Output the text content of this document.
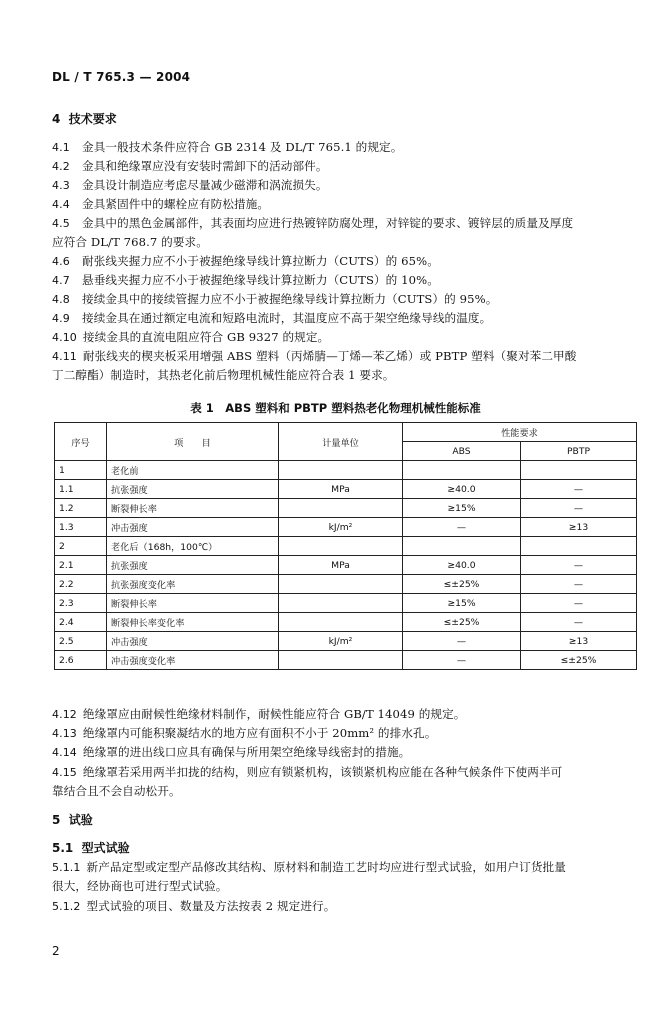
DL / T 765.3 — 2004
4 技术要求
4.1 金具一般技术条件应符合 GB 2314 及 DL/T 765.1 的规定。
4.2 金具和绝缘罩应没有安装时需卸下的活动部件。
4.3 金具设计制造应考虑尽量减少磁滞和涡流损失。
4.4 金具紧固件中的螺栓应有防松措施。
4.5 金具中的黑色金属部件，其表面均应进行热镀锌防腐处理，对锌锭的要求、镀锌层的质量及厚度
应符合 DL/T 768.7 的要求。
4.6 耐张线夹握力应不小于被握绝缘导线计算拉断力（CUTS）的 65%。
4.7 悬垂线夹握力应不小于被握绝缘导线计算拉断力（CUTS）的 10%。
4.8 接续金具中的接续管握力应不小于被握绝缘导线计算拉断力（CUTS）的 95%。
4.9 接续金具在通过额定电流和短路电流时，其温度应不高于架空绝缘导线的温度。
4.10 接续金具的直流电阻应符合 GB 9327 的规定。
4.11 耐张线夹的楔夹板采用增强 ABS 塑料（丙烯腈—丁烯—苯乙烯）或 PBTP 塑料（聚对苯二甲酸
丁二醇酯）制造时，其热老化前后物理机械性能应符合表 1 要求。
表 1　ABS 塑料和 PBTP 塑料热老化物理机械性能标准
序号	项　　目	计量单位	性能要求	
			ABS	PBTP
1	老化前			
1.1	抗张强度	MPa	≥40.0	—
1.2	断裂伸长率		≥15%	—
1.3	冲击强度	kJ/m²	—	≥13
2	老化后（168h，100℃）			
2.1	抗张强度	MPa	≥40.0	—
2.2	抗张强度变化率		≤±25%	—
2.3	断裂伸长率		≥15%	—
2.4	断裂伸长率变化率		≤±25%	—
2.5	冲击强度	kJ/m²	—	≥13
2.6	冲击强度变化率		—	≤±25%
4.12 绝缘罩应由耐候性绝缘材料制作，耐候性能应符合 GB/T 14049 的规定。
4.13 绝缘罩内可能积聚凝结水的地方应有面积不小于 20mm² 的排水孔。
4.14 绝缘罩的进出线口应具有确保与所用架空绝缘导线密封的措施。
4.15 绝缘罩若采用两半扣拢的结构，则应有锁紧机构，该锁紧机构应能在各种气候条件下使两半可
靠结合且不会自动松开。
5 试验
5.1 型式试验
5.1.1 新产品定型或定型产品修改其结构、原材料和制造工艺时均应进行型式试验，如用户订货批量
很大，经协商也可进行型式试验。
5.1.2 型式试验的项目、数量及方法按表 2 规定进行。
2
